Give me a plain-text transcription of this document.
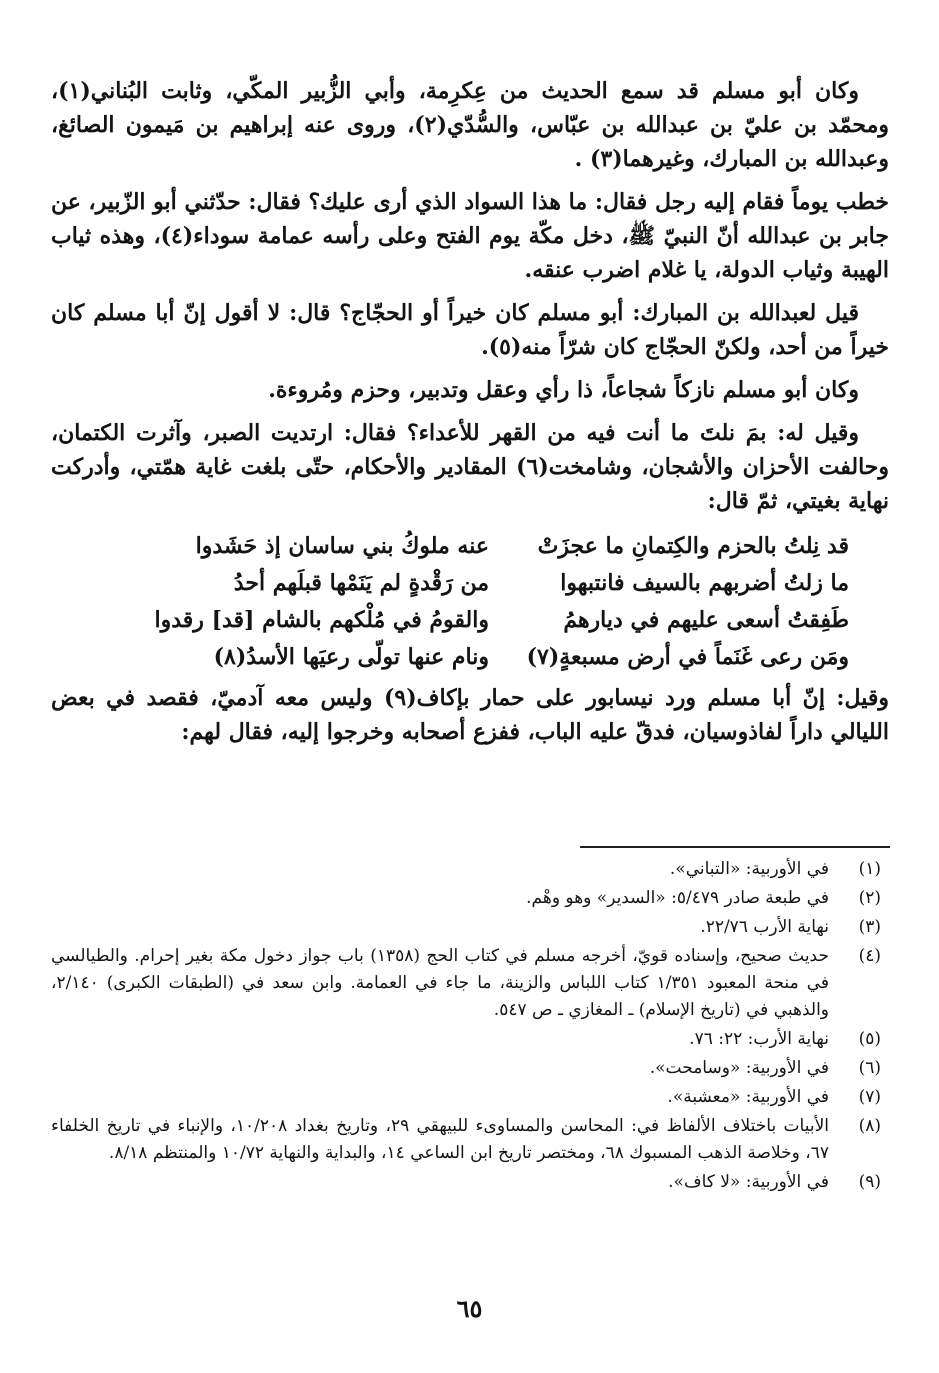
وكان أبو مسلم قد سمع الحديث من عِكرِمة، وأبي الزُّبير المكّي، وثابت البُناني(١)، ومحمّد بن عليّ بن عبدالله بن عبّاس، والسُّدّي(٢)، وروى عنه إبراهيم بن مَيمون الصائغ، وعبدالله بن المبارك، وغيرهما(٣) .

خطب يوماً فقام إليه رجل فقال: ما هذا السواد الذي أرى عليك؟ فقال: حدّثني أبو الزّبير، عن جابر بن عبدالله أنّ النبيّ ﷺ، دخل مكّة يوم الفتح وعلى رأسه عمامة سوداء(٤)، وهذه ثياب الهيبة وثياب الدولة، يا غلام اضرب عنقه.

قيل لعبدالله بن المبارك: أبو مسلم كان خيراً أو الحجّاج؟ قال: لا أقول إنّ أبا مسلم كان خيراً من أحد، ولكنّ الحجّاج كان شرّاً منه(٥).

وكان أبو مسلم نازكاً شجاعاً، ذا رأي وعقل وتدبير، وحزم ومُروءة.

وقيل له: بمَ نلتَ ما أنت فيه من القهر للأعداء؟ فقال: ارتديت الصبر، وآثرت الكتمان، وحالفت الأحزان والأشجان، وشامخت(٦) المقادير والأحكام، حتّى بلغت غاية همّتي، وأدركت نهاية بغيتي، ثمّ قال:

قد نِلتُ بالحزم والكِتمانِ ما عجزَتْ
عنه ملوكُ بني ساسان إذ حَشَدوا
ما زلتُ أضربهم بالسيف فانتبهوا
من رَقْدةٍ لم يَنَمْها قبلَهم أحدُ
طَفِقتُ أسعى عليهم في ديارهمُ
والقومُ في مُلْكهم بالشام [قد] رقدوا
ومَن رعى غَنَماً في أرض مسبعةٍ(٧)
ونام عنها تولّى رعيَها الأسدُ(٨)

وقيل: إنّ أبا مسلم ورد نيسابور على حمار بإكاف(٩) وليس معه آدميّ، فقصد في بعض الليالي داراً لفاذوسيان، فدقّ عليه الباب، ففزع أصحابه وخرجوا إليه، فقال لهم:

(١)
في الأوربية: «التباني».
(٢)
في طبعة صادر ٥/٤٧٩: «السدير» وهو وهْم.
(٣)
نهاية الأرب ٢٢/٧٦.
(٤)
حديث صحيح، وإسناده قويّ، أخرجه مسلم في كتاب الحج (١٣٥٨) باب جواز دخول مكة بغير إحرام. والطيالسي في منحة المعبود ١/٣٥١ كتاب اللباس والزينة، ما جاء في العمامة. وابن سعد في (الطبقات الكبرى) ٢/١٤٠، والذهبي في (تاريخ الإسلام) ـ المغازي ـ ص ٥٤٧.
(٥)
نهاية الأرب: ٢٢: ٧٦.
(٦)
في الأوربية: «وسامحت».
(٧)
في الأوربية: «معشبة».
(٨)
الأبيات باختلاف الألفاظ في: المحاسن والمساوىء للبيهقي ٢٩، وتاريخ بغداد ١٠/٢٠٨، والإنباء في تاريخ الخلفاء ٦٧، وخلاصة الذهب المسبوك ٦٨، ومختصر تاريخ ابن الساعي ١٤، والبداية والنهاية ١٠/٧٢ والمنتظم ٨/١٨.
(٩)
في الأوربية: «لا كاف».
٦٥
